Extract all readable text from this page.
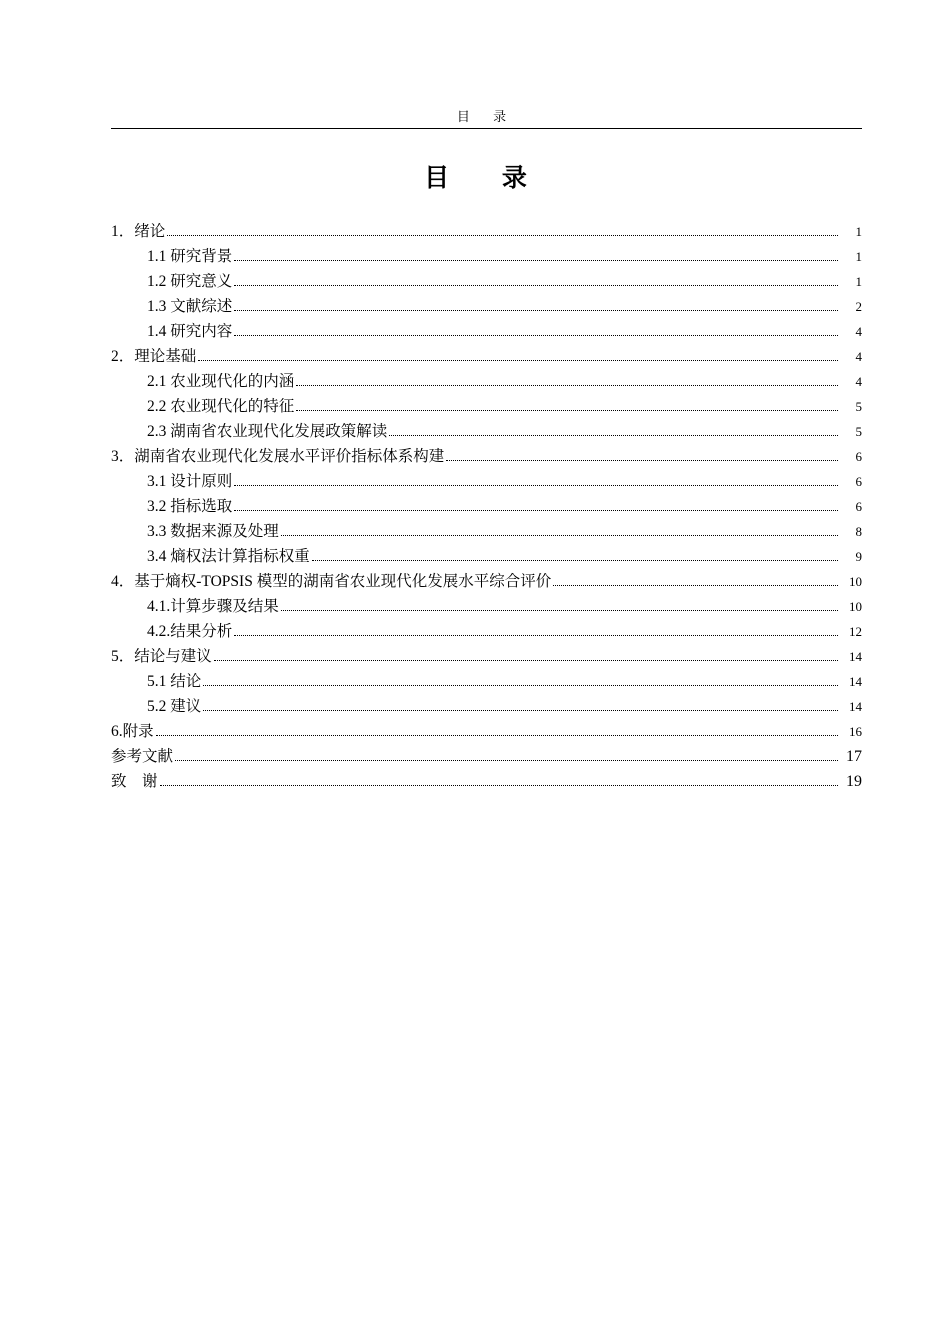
目 录
目 录
1．绪论	1
1.1 研究背景	1
1.2 研究意义	1
1.3 文献综述	2
1.4 研究内容	4
2．理论基础	4
2.1 农业现代化的内涵	4
2.2 农业现代化的特征	5
2.3 湖南省农业现代化发展政策解读	5
3．湖南省农业现代化发展水平评价指标体系构建	6
3.1 设计原则	6
3.2 指标选取	6
3.3 数据来源及处理	8
3.4 熵权法计算指标权重	9
4．基于熵权-TOPSIS 模型的湖南省农业现代化发展水平综合评价	10
4.1.计算步骤及结果	10
4.2.结果分析	12
5．结论与建议	14
5.1 结论	14
5.2 建议	14
6.附录	16
参考文献	17
致　谢	19
